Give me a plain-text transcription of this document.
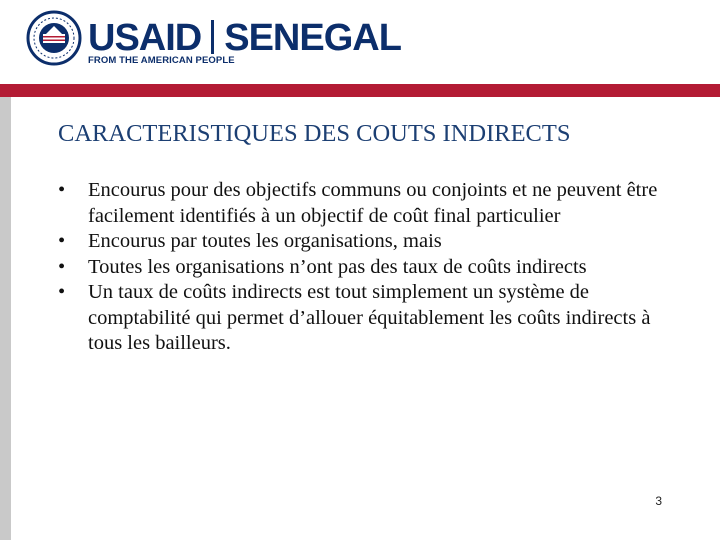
USAID SENEGAL
FROM THE AMERICAN PEOPLE
CARACTERISTIQUES DES COUTS INDIRECTS
• Encourus pour des objectifs communs ou conjoints et ne peuvent être facilement identifiés à un objectif de coût final particulier
• Encourus par toutes les organisations, mais
• Toutes les organisations n’ont pas des taux de coûts indirects
• Un taux de coûts indirects est tout simplement un système de comptabilité qui permet d’allouer équitablement les coûts indirects à tous les bailleurs.
3
